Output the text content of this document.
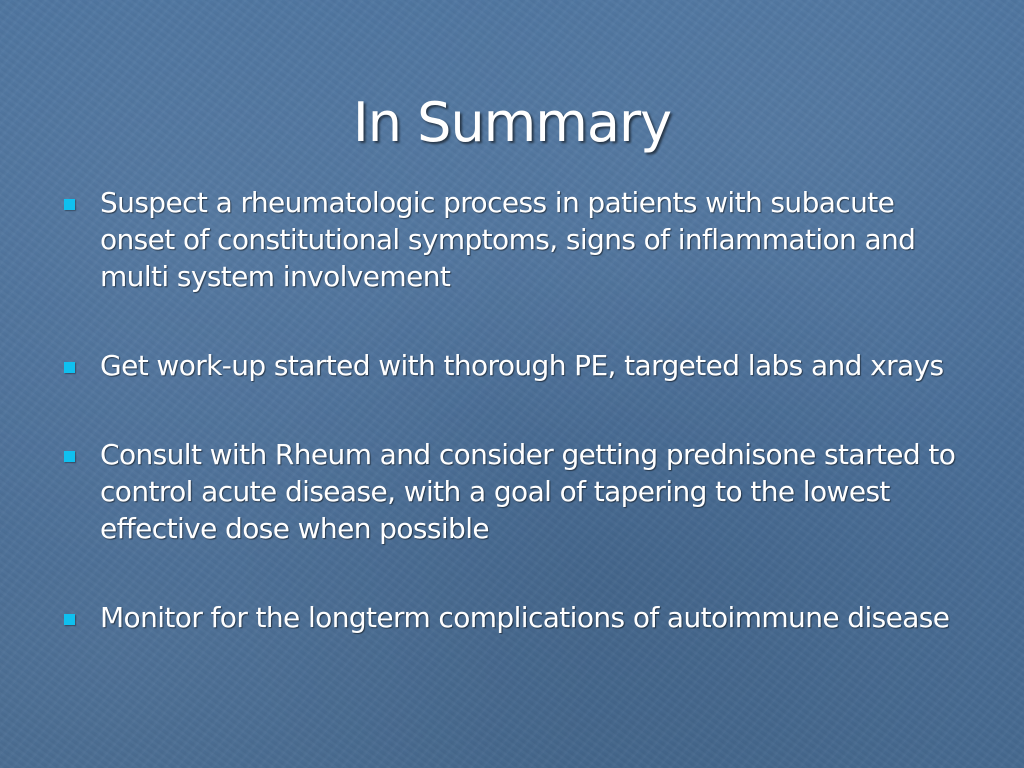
In Summary
Suspect a rheumatologic process in patients with subacute onset of constitutional symptoms, signs of inflammation and multi system involvement
Get work-up started with thorough PE, targeted labs and xrays
Consult with Rheum and consider getting prednisone started to control acute disease, with a goal of tapering to the lowest effective dose when possible
Monitor for the longterm complications of autoimmune disease
